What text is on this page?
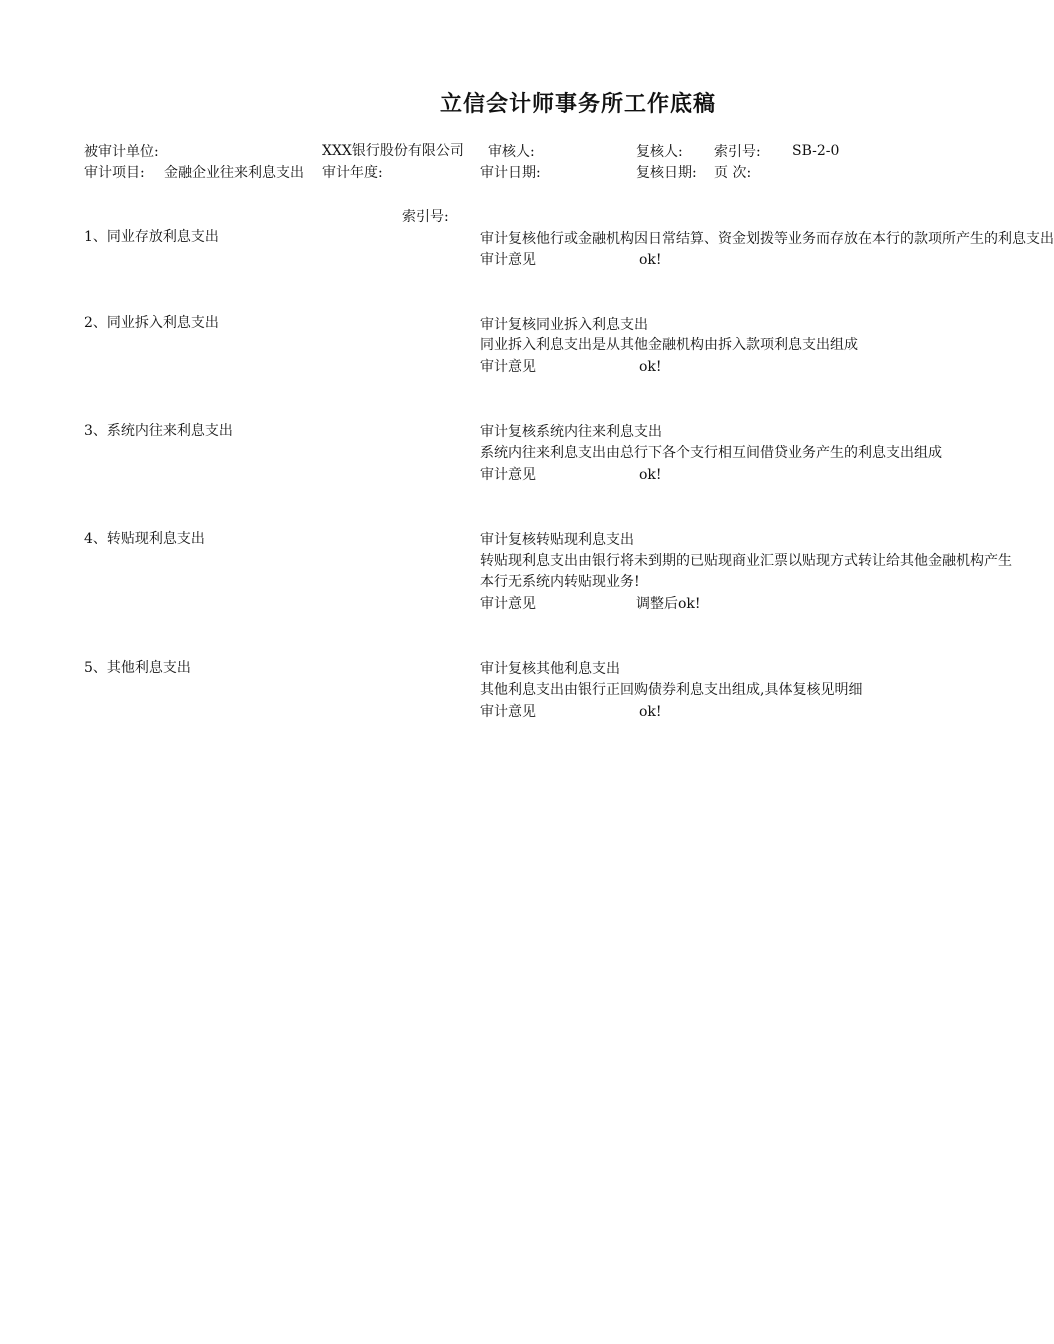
立信会计师事务所工作底稿
被审计单位:	XXX银行股份有限公司	审核人:	复核人: 索引号: SB-2-0
审计项目: 金融企业往来利息支出	审计年度:	审计日期:	复核日期: 页 次:
索引号:
1、同业存放利息支出	审计复核他行或金融机构因日常结算、资金划拨等业务而存放在本行的款项所产生的利息支出
审计意见	ok!
2、同业拆入利息支出	审计复核同业拆入利息支出
同业拆入利息支出是从其他金融机构由拆入款项利息支出组成
审计意见	ok!
3、系统内往来利息支出	审计复核系统内往来利息支出
系统内往来利息支出由总行下各个支行相互间借贷业务产生的利息支出组成
审计意见	ok!
4、转贴现利息支出	审计复核转贴现利息支出
转贴现利息支出由银行将未到期的已贴现商业汇票以贴现方式转让给其他金融机构产生
本行无系统内转贴现业务!
审计意见	调整后ok!
5、其他利息支出	审计复核其他利息支出
其他利息支出由银行正回购债券利息支出组成,具体复核见明细
审计意见	ok!
